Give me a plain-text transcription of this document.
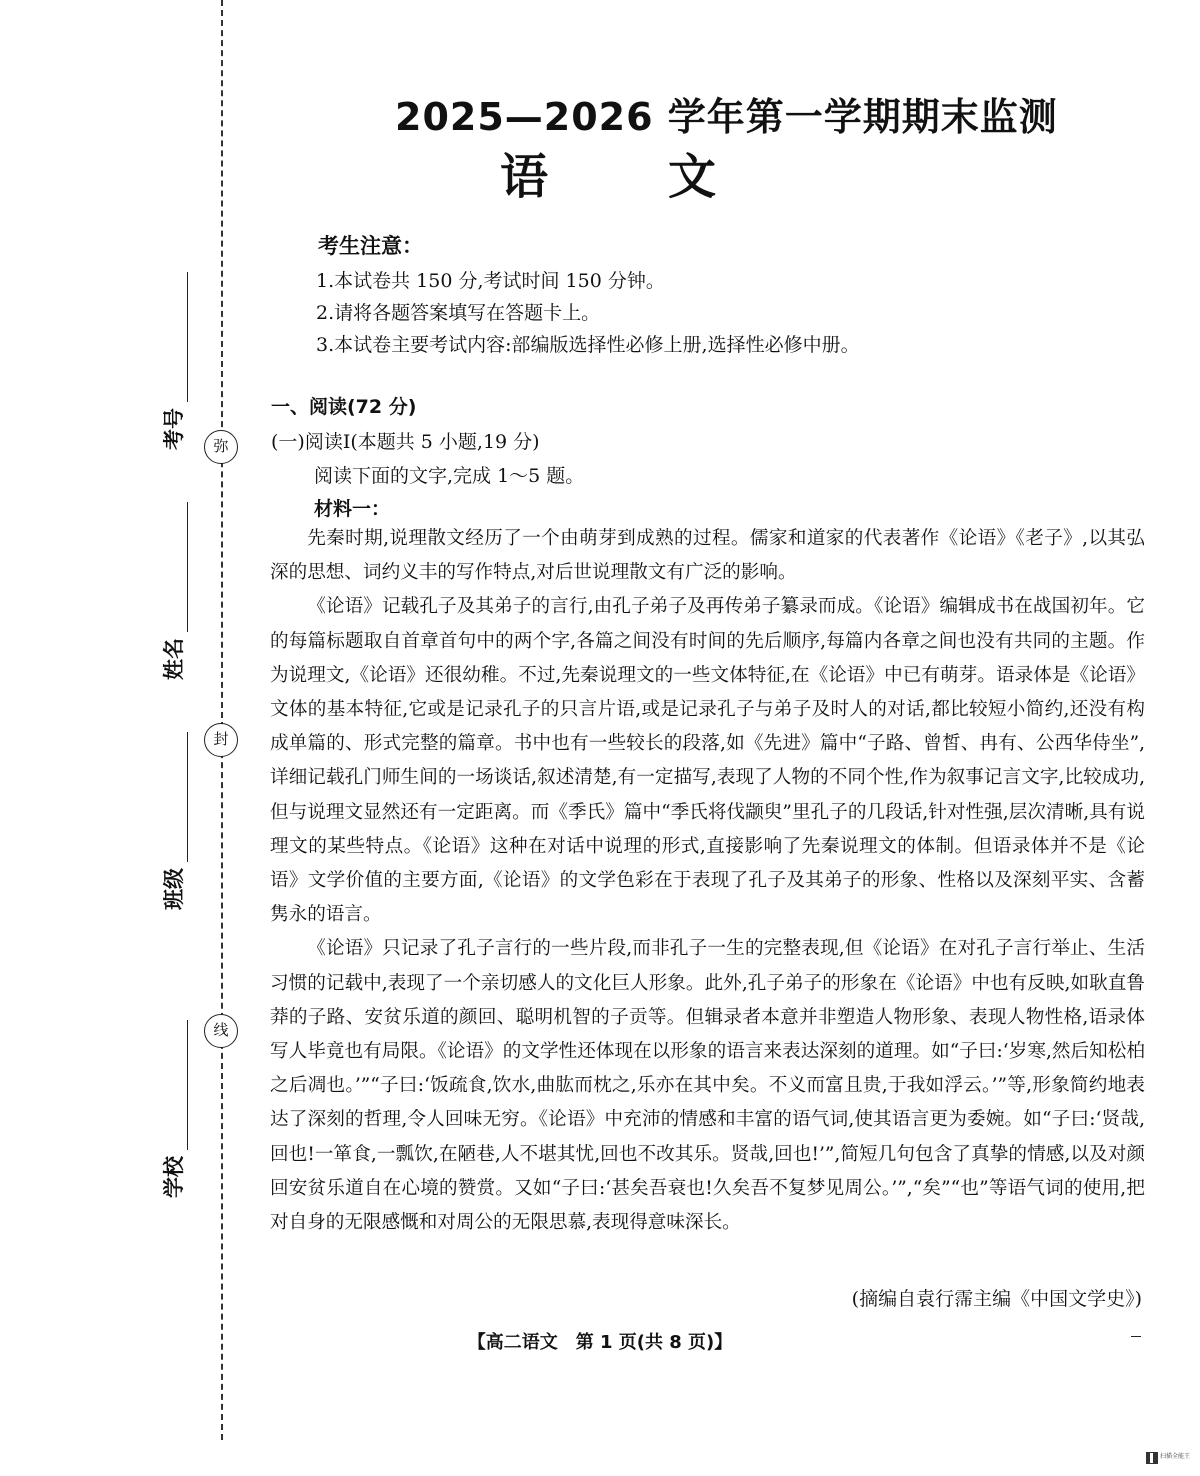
考号
姓名
班级
学校
弥
封
线
2025—2026 学年第一学期期末监测
语文
考生注意：
1.本试卷共 150 分,考试时间 150 分钟。
2.请将各题答案填写在答题卡上。
3.本试卷主要考试内容:部编版选择性必修上册,选择性必修中册。
一、阅读(72 分)
(一)阅读Ⅰ(本题共 5 小题,19 分)
阅读下面的文字,完成 1～5 题。
材料一：

先秦时期,说理散文经历了一个由萌芽到成熟的过程。儒家和道家的代表著作《论语》《老子》,以其弘深的思想、词约义丰的写作特点,对后世说理散文有广泛的影响。

《论语》记载孔子及其弟子的言行,由孔子弟子及再传弟子纂录而成。《论语》编辑成书在战国初年。它的每篇标题取自首章首句中的两个字,各篇之间没有时间的先后顺序,每篇内各章之间也没有共同的主题。作为说理文,《论语》还很幼稚。不过,先秦说理文的一些文体特征,在《论语》中已有萌芽。语录体是《论语》文体的基本特征,它或是记录孔子的只言片语,或是记录孔子与弟子及时人的对话,都比较短小简约,还没有构成单篇的、形式完整的篇章。书中也有一些较长的段落,如《先进》篇中“子路、曾皙、冉有、公西华侍坐”,详细记载孔门师生间的一场谈话,叙述清楚,有一定描写,表现了人物的不同个性,作为叙事记言文字,比较成功,但与说理文显然还有一定距离。而《季氏》篇中“季氏将伐颛臾”里孔子的几段话,针对性强,层次清晰,具有说理文的某些特点。《论语》这种在对话中说理的形式,直接影响了先秦说理文的体制。但语录体并不是《论语》文学价值的主要方面,《论语》的文学色彩在于表现了孔子及其弟子的形象、性格以及深刻平实、含蓄隽永的语言。

《论语》只记录了孔子言行的一些片段,而非孔子一生的完整表现,但《论语》在对孔子言行举止、生活习惯的记载中,表现了一个亲切感人的文化巨人形象。此外,孔子弟子的形象在《论语》中也有反映,如耿直鲁莽的子路、安贫乐道的颜回、聪明机智的子贡等。但辑录者本意并非塑造人物形象、表现人物性格,语录体写人毕竟也有局限。《论语》的文学性还体现在以形象的语言来表达深刻的道理。如“子曰:‘岁寒,然后知松柏之后凋也。’”“子曰:‘饭疏食,饮水,曲肱而枕之,乐亦在其中矣。不义而富且贵,于我如浮云。’”等,形象简约地表达了深刻的哲理,令人回味无穷。《论语》中充沛的情感和丰富的语气词,使其语言更为委婉。如“子曰:‘贤哉,回也!一箪食,一瓢饮,在陋巷,人不堪其忧,回也不改其乐。贤哉,回也!’”,简短几句包含了真挚的情感,以及对颜回安贫乐道自在心境的赞赏。又如“子曰:‘甚矣吾衰也!久矣吾不复梦见周公。’”,“矣”“也”等语气词的使用,把对自身的无限感慨和对周公的无限思慕,表现得意味深长。

(摘编自袁行霈主编《中国文学史》)
【高二语文　第 1 页(共 8 页)】
扫描全能王
